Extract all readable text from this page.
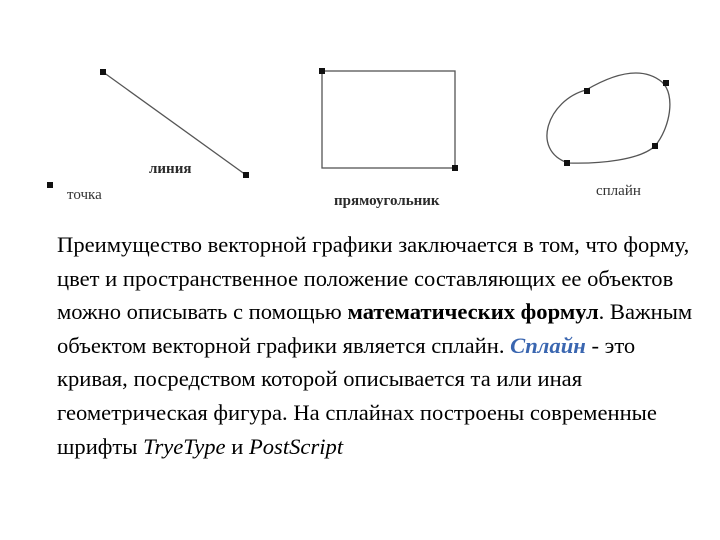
точка
линия
прямоугольник
сплайн

Преимущество векторной графики заключается в том, что форму, цвет и пространственное положение составляющих ее объектов можно описывать с помощью математических формул. Важным объектом векторной графики является сплайн. Сплайн - это кривая, посредством которой описывается та или иная геометрическая фигура. На сплайнах построены современные шрифты TryeType и PostScript
